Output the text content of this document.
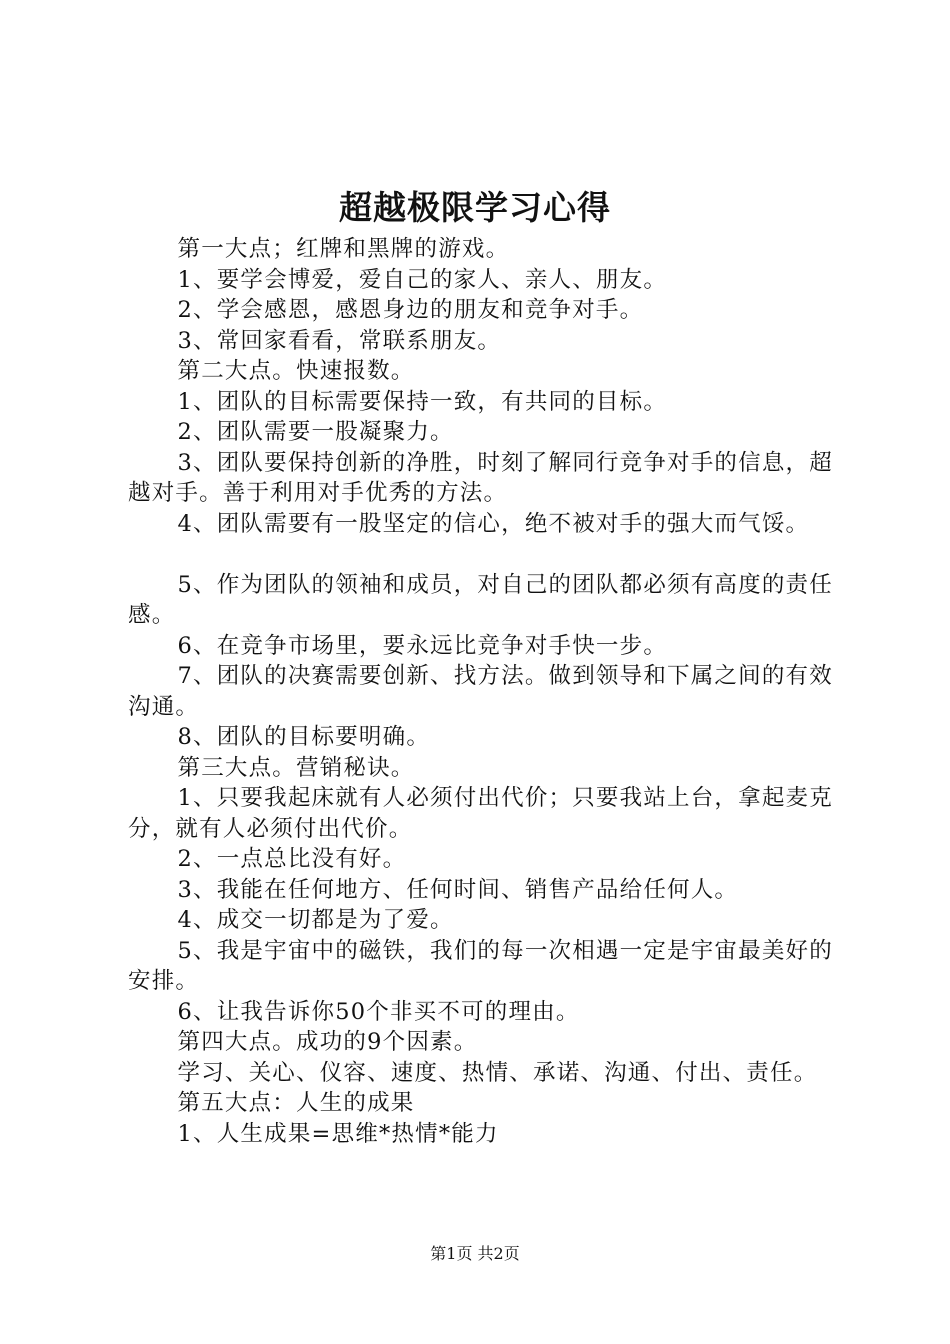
超越极限学习心得

第一大点；红牌和黑牌的游戏。

1、要学会博爱，爱自己的家人、亲人、朋友。

2、学会感恩，感恩身边的朋友和竞争对手。

3、常回家看看，常联系朋友。

第二大点。快速报数。

1、团队的目标需要保持一致，有共同的目标。

2、团队需要一股凝聚力。

3、团队要保持创新的净胜，时刻了解同行竞争对手的信息，超越对手。善于利用对手优秀的方法。

4、团队需要有一股坚定的信心，绝不被对手的强大而气馁。

5、作为团队的领袖和成员，对自己的团队都必须有高度的责任感。

6、在竞争市场里，要永远比竞争对手快一步。

7、团队的决赛需要创新、找方法。做到领导和下属之间的有效沟通。

8、团队的目标要明确。

第三大点。营销秘诀。

1、只要我起床就有人必须付出代价；只要我站上台，拿起麦克分，就有人必须付出代价。

2、一点总比没有好。

3、我能在任何地方、任何时间、销售产品给任何人。

4、成交一切都是为了爱。

5、我是宇宙中的磁铁，我们的每一次相遇一定是宇宙最美好的安排。

6、让我告诉你50个非买不可的理由。

第四大点。成功的9个因素。

学习、关心、仪容、速度、热情、承诺、沟通、付出、责任。

第五大点：人生的成果

1、人生成果=思维*热情*能力

第1页 共2页
